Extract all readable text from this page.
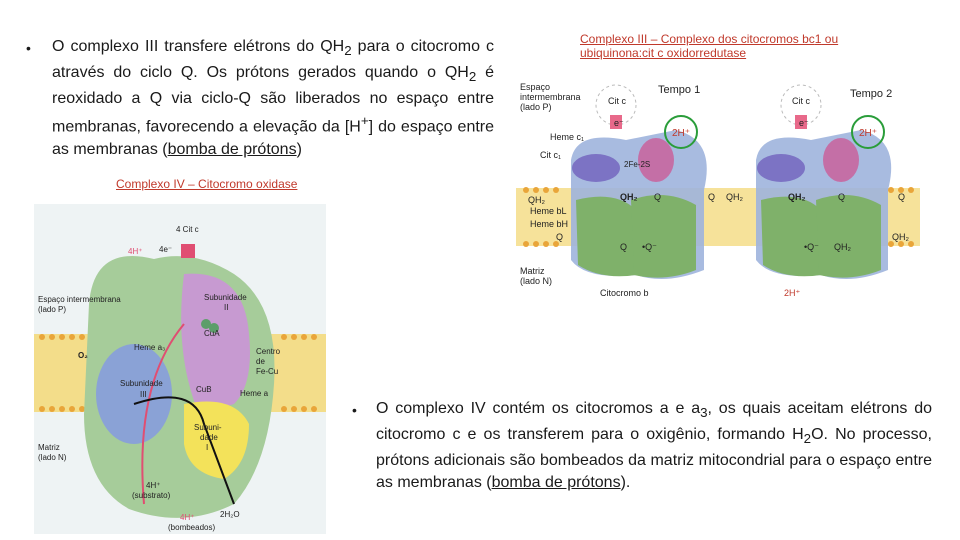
• O complexo III transfere elétrons do $QH_2$ para o citocromo c através do ciclo Q. Os prótons gerados quando o $QH_2$ é reoxidado a Q via ciclo-Q são liberados no espaço entre membranas, favorecendo a elevação da [H+] do espaço entre as membranas (bomba de prótons)

Complexo III – Complexo dos citocromos bc1 ou ubiquinona:cit c oxidorredutase
Complexo IV – Citocromo oxidase
Tempo 1	Tempo 2
Espaço
intermembrana
(lado P)
Cit c	Cit c
Heme c₁
Cit c₁
2H⁺	2H⁺
e⁻	e⁻
2Fe-2S
QH₂
Heme bL
Heme bH
Q
QH₂ Q
Q •Q⁻
Q QH₂	QH₂	Q	Q
•Q⁻ QH₂
QH₂
Matriz
(lado N)
Citocromo b	2H⁺
4 Cit c
4e⁻
4H⁺
Espaço intermembrana
(lado P)
Subunidade
II
CuA
Heme a₃
O₂	Centro
de
Fe-Cu
Subunidade
III
CuB	Heme a
Subuni-
dade
I
Matriz
(lado N)
4H⁺
(substrato)
4H⁺
(bombeados)
2H₂O
• O complexo IV contém os citocromos a e $a_3$, os quais aceitam elétrons do citocromo c e os transferem para o oxigênio, formando $H_2O$. No processo, prótons adicionais são bombeados da matriz mitocondrial para o espaço entre as membranas (bomba de prótons).
